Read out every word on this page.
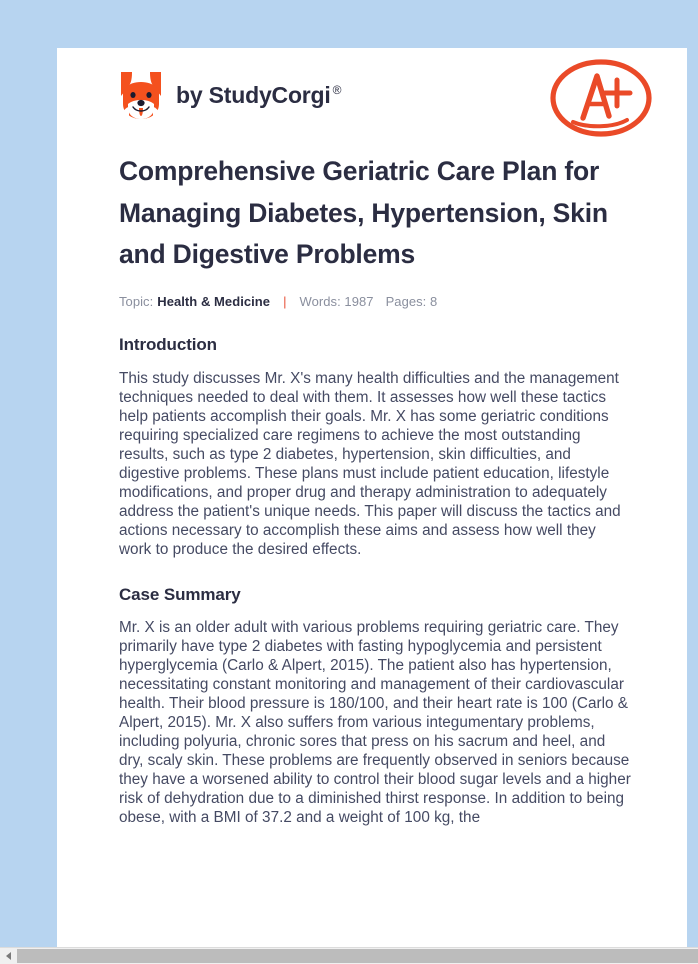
by StudyCorgi ®
Comprehensive Geriatric Care Plan for Managing Diabetes, Hypertension, Skin and Digestive Problems
Topic: Health & Medicine | Words: 1987 Pages: 8
Introduction

This study discusses Mr. X's many health difficulties and the management techniques needed to deal with them. It assesses how well these tactics help patients accomplish their goals. Mr. X has some geriatric conditions requiring specialized care regimens to achieve the most outstanding results, such as type 2 diabetes, hypertension, skin difficulties, and digestive problems. These plans must include patient education, lifestyle modifications, and proper drug and therapy administration to adequately address the patient's unique needs. This paper will discuss the tactics and actions necessary to accomplish these aims and assess how well they work to produce the desired effects.

Case Summary

Mr. X is an older adult with various problems requiring geriatric care. They primarily have type 2 diabetes with fasting hypoglycemia and persistent hyperglycemia (Carlo & Alpert, 2015). The patient also has hypertension, necessitating constant monitoring and management of their cardiovascular health. Their blood pressure is 180/100, and their heart rate is 100 (Carlo & Alpert, 2015). Mr. X also suffers from various integumentary problems, including polyuria, chronic sores that press on his sacrum and heel, and dry, scaly skin. These problems are frequently observed in seniors because they have a worsened ability to control their blood sugar levels and a higher risk of dehydration due to a diminished thirst response. In addition to being obese, with a BMI of 37.2 and a weight of 100 kg, the
